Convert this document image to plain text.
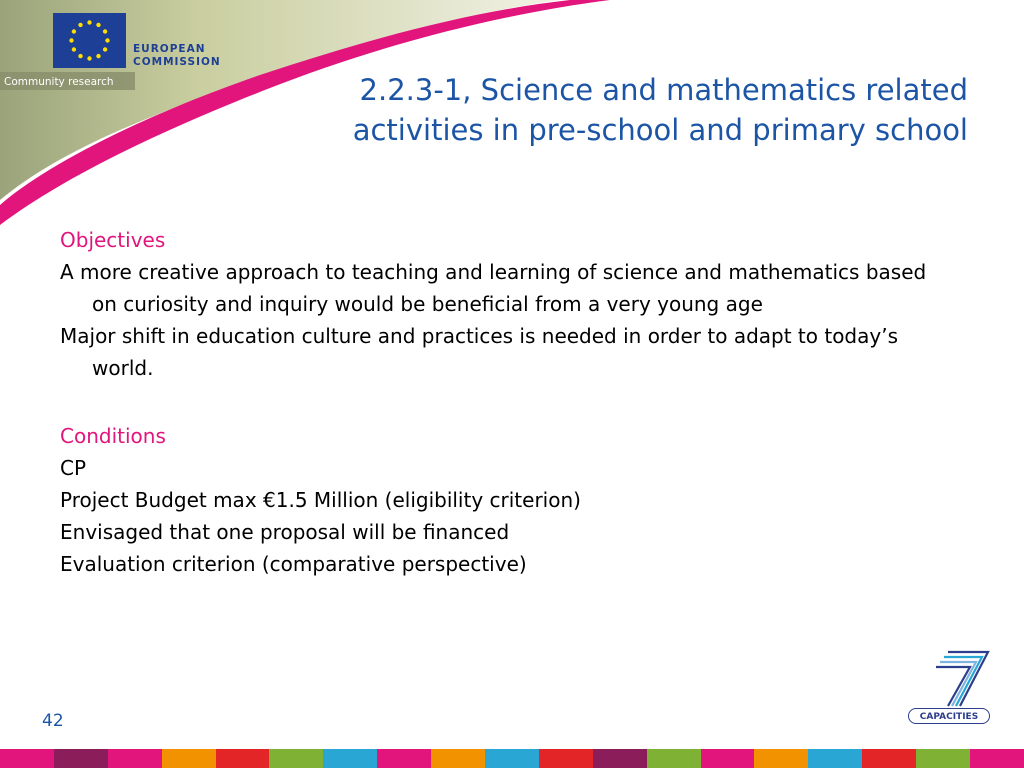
EUROPEAN
COMMISSION
Community research	2.2.3-1, Science and mathematics related
activities in pre-school and primary school

Objectives

A more creative approach to teaching and learning of science and mathematics based on curiosity and inquiry would be beneficial from a very young age

Major shift in education culture and practices is needed in order to adapt to today’s world.

Conditions

CP

Project Budget max €1.5 Million (eligibility criterion)

Envisaged that one proposal will be financed

Evaluation criterion (comparative perspective)

42	CAPACITIES
